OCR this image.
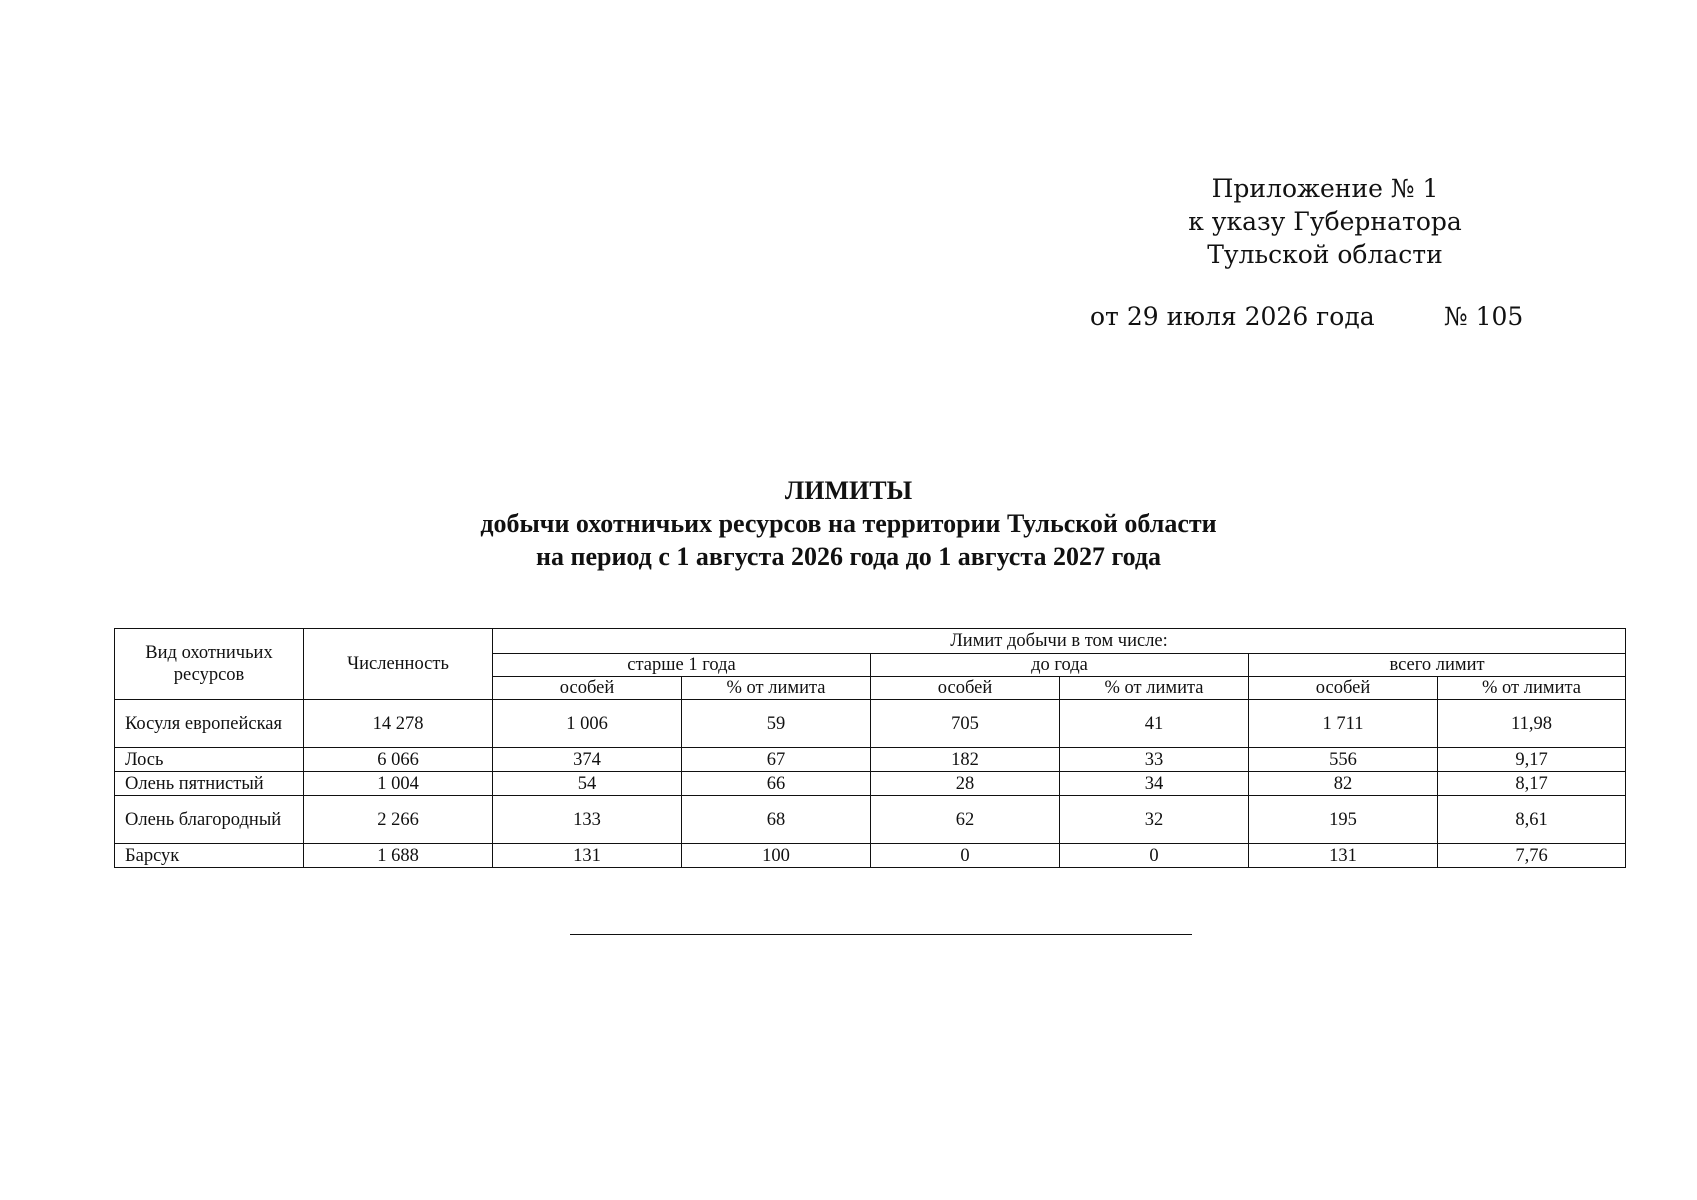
Приложение № 1
к указу Губернатора
Тульской области
от 29 июля 2026 года	№ 105
ЛИМИТЫ
добычи охотничьих ресурсов на территории Тульской области
на период с 1 августа 2026 года до 1 августа 2027 года
Вид охотничьих ресурсов	Численность	Лимит добычи в том числе:					
		старше 1 года		до года		всего лимит	
		особей	% от лимита	особей	% от лимита	особей	% от лимита
Косуля европейская	14 278	1 006	59	705	41	1 711	11,98
Лось	6 066	374	67	182	33	556	9,17
Олень пятнистый	1 004	54	66	28	34	82	8,17
Олень благородный	2 266	133	68	62	32	195	8,61
Барсук	1 688	131	100	0	0	131	7,76
